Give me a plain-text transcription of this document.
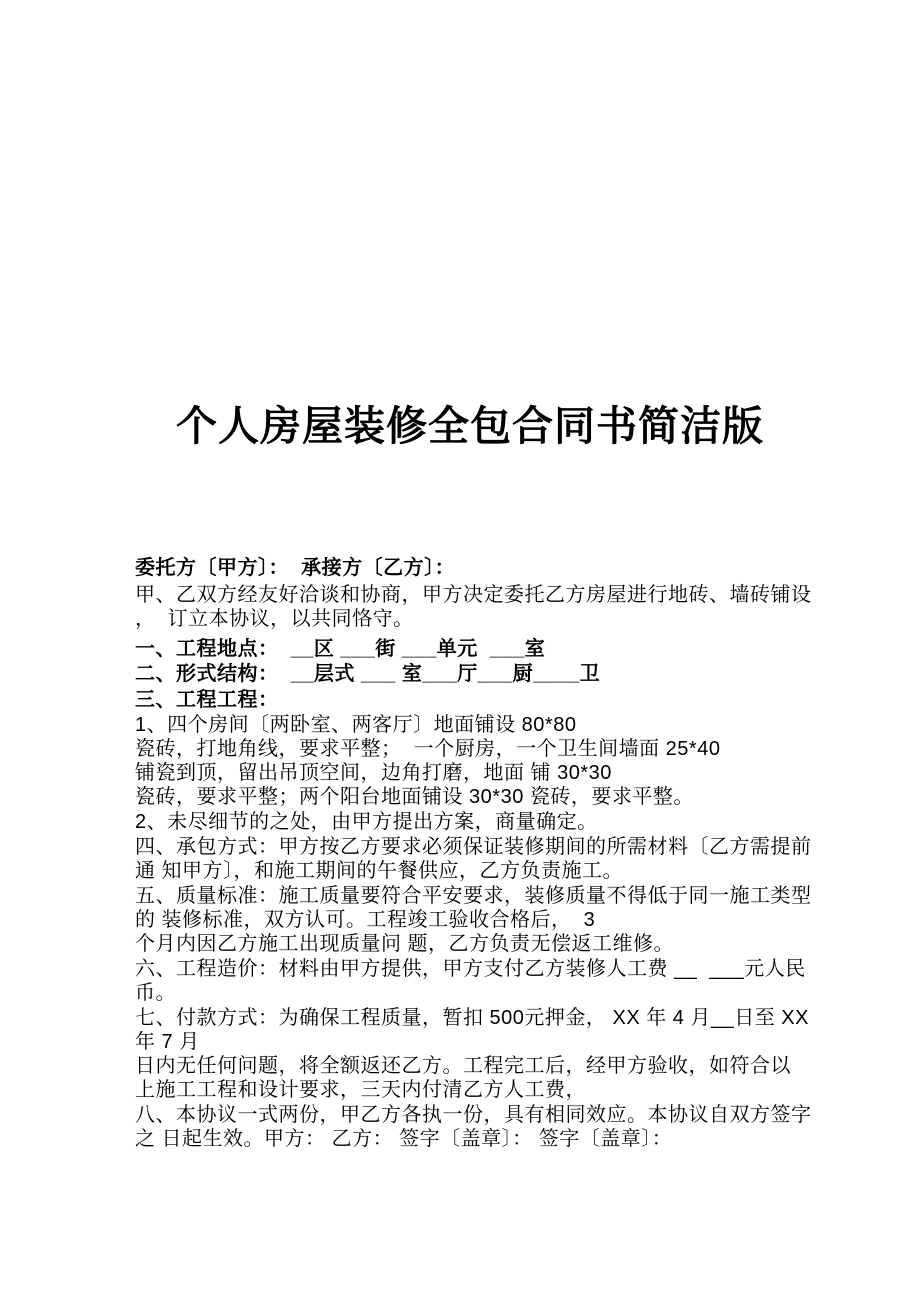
个人房屋装修全包合同书简洁版
委托方〔甲方〕：  承接方〔乙方〕：
甲、乙双方经友好洽谈和协商，甲方决定委托乙方房屋进行地砖、墙砖铺设
，  订立本协议，以共同恪守。
一、工程地点：  __区 ___街 ___单元  ___室
二、形式结构：  __层式 ___ 室___厅___厨____卫
三、工程工程：
1、四个房间〔两卧室、两客厅〕地面铺设 80*80
瓷砖，打地角线，要求平整；  一个厨房，一个卫生间墙面 25*40
铺瓷到顶，留出吊顶空间，边角打磨，地面 铺 30*30
瓷砖，要求平整；两个阳台地面铺设 30*30 瓷砖，要求平整。
2、未尽细节的之处，由甲方提出方案，商量确定。
四、承包方式：甲方按乙方要求必须保证装修期间的所需材料〔乙方需提前
通 知甲方〕，和施工期间的午餐供应，乙方负责施工。
五、质量标准：施工质量要符合平安要求，装修质量不得低于同一施工类型
的 装修标准，双方认可。工程竣工验收合格后，  3
个月内因乙方施工出现质量问 题，乙方负责无偿返工维修。
六、工程造价：材料由甲方提供，甲方支付乙方装修人工费 __  ___元人民
币。
七、付款方式：为确保工程质量，暂扣 500元押金， XX 年 4 月__日至 XX
年 7 月
日内无任何问题，将全额返还乙方。工程完工后，经甲方验收，如符合以
上施工工程和设计要求，三天内付清乙方人工费，
八、本协议一式两份，甲乙方各执一份，具有相同效应。本协议自双方签字
之 日起生效。甲方： 乙方： 签字〔盖章〕： 签字〔盖章〕：
